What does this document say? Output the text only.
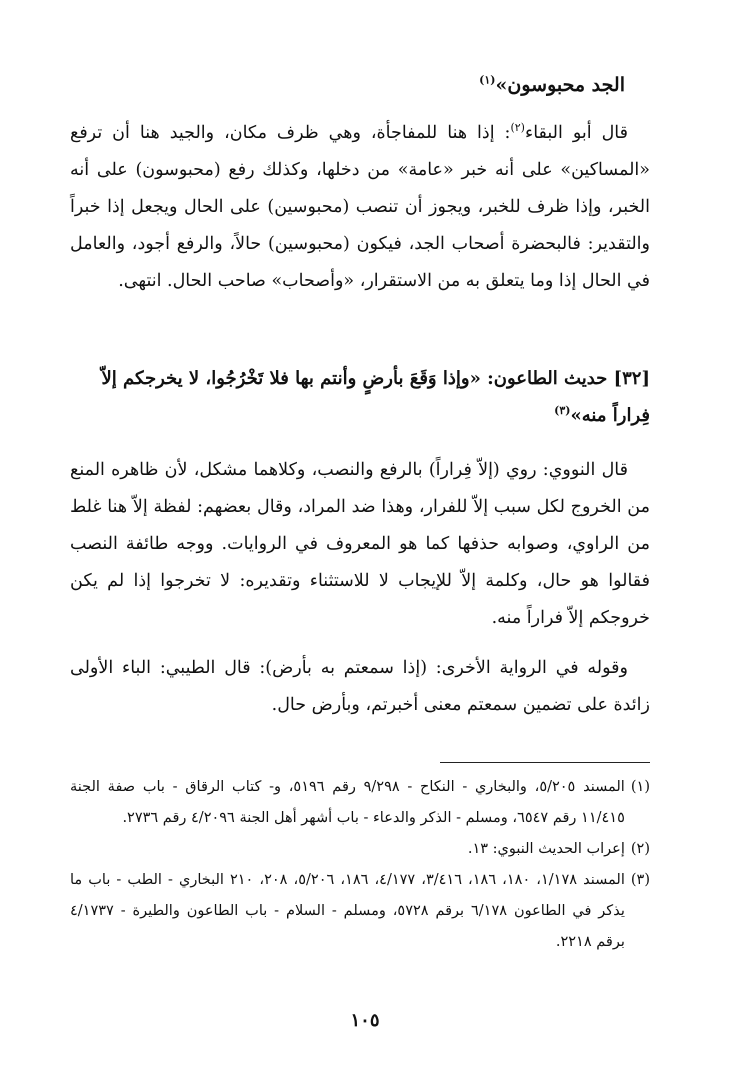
الجد محبوسون»$^{(١)}$
قال أبو البقاء$^{(٢)}$: إذا هنا للمفاجأة، وهي ظرف مكان، والجيد هنا أن ترفع «المساكين» على أنه خبر «عامة» من دخلها، وكذلك رفع (محبوسون) على أنه الخبر، وإذا ظرف للخبر، ويجوز أن تنصب (محبوسين) على الحال ويجعل إذا خبراً والتقدير: فالبحضرة أصحاب الجد، فيكون (محبوسين) حالاً، والرفع أجود، والعامل في الحال إذا وما يتعلق به من الاستقرار، «وأصحاب» صاحب الحال. انتهى.
[٣٢] حديث الطاعون: «وإذا وَقَعَ بأرضٍ وأنتم بها فلا تَخْرُجُوا، لا يخرجكم إلاّ فِراراً منه»$^{(٣)}$
قال النووي: روي (إلاّ فِراراً) بالرفع والنصب، وكلاهما مشكل، لأن ظاهره المنع من الخروج لكل سبب إلاّ للفرار، وهذا ضد المراد، وقال بعضهم: لفظة إلاّ هنا غلط من الراوي، وصوابه حذفها كما هو المعروف في الروايات. ووجه طائفة النصب فقالوا هو حال، وكلمة إلاّ للإيجاب لا للاستثناء وتقديره: لا تخرجوا إذا لم يكن خروجكم إلاّ فراراً منه.
وقوله في الرواية الأخرى: (إذا سمعتم به بأرض): قال الطيبي: الباء الأولى زائدة على تضمين سمعتم معنى أخبرتم، وبأرض حال.
(١)
المسند ٥/٢٠٥، والبخاري - النكاح - ٩/٢٩٨ رقم ٥١٩٦، و- كتاب الرقاق - باب صفة الجنة ١١/٤١٥ رقم ٦٥٤٧، ومسلم - الذكر والدعاء - باب أشهر أهل الجنة ٤/٢٠٩٦ رقم ٢٧٣٦.
(٢)
إعراب الحديث النبوي: ١٣.
(٣)
المسند ١/١٧٨، ١٨٠، ١٨٦، ٣/٤١٦، ٤/١٧٧، ١٨٦، ٥/٢٠٦، ٢٠٨، ٢١٠ البخاري - الطب - باب ما يذكر في الطاعون ٦/١٧٨ برقم ٥٧٢٨، ومسلم - السلام - باب الطاعون والطيرة - ٤/١٧٣٧ برقم ٢٢١٨.
١٠٥
